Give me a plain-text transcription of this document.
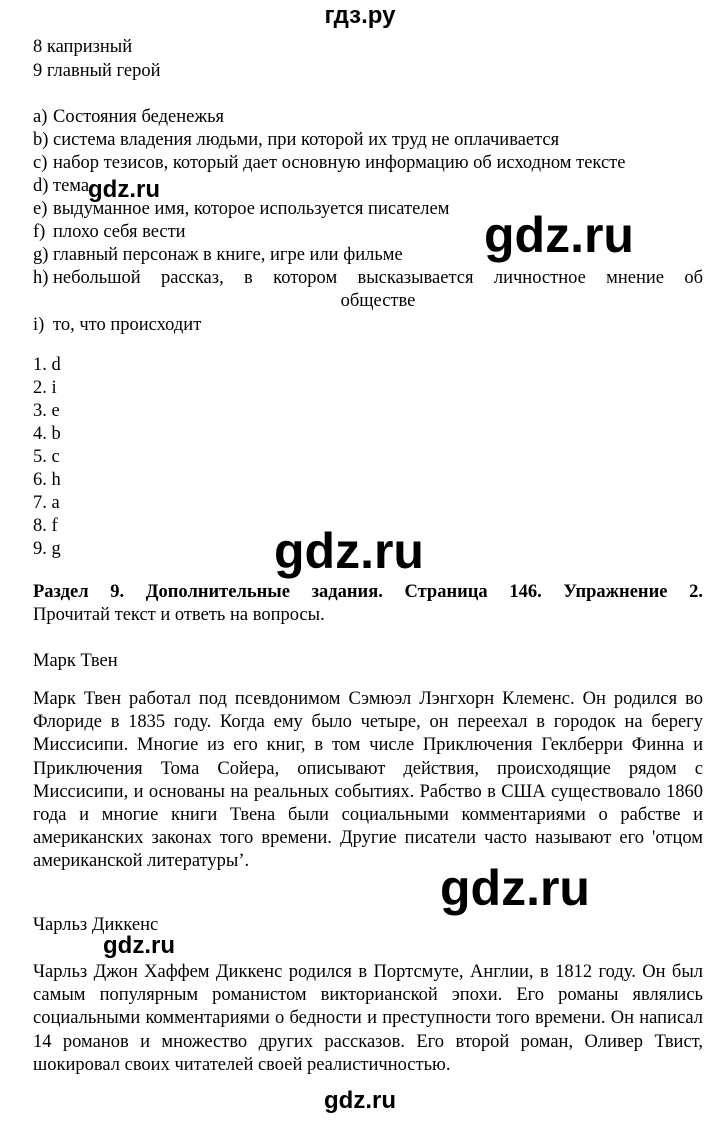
гдз.ру
8 капризный
9 главный герой
a) Состояния беденежья
b) система владения людьми, при которой их труд не оплачивается
c) набор тезисов, который дает основную информацию об исходном тексте
d) тема
e) выдуманное имя, которое используется писателем
f) плохо себя вести
g) главный персонаж в книге, игре или фильме
h) небольшой рассказ, в котором высказывается личностное мнение об
обществе
i) то, что происходит
1. d
2. i
3. e
4. b
5. c
6. h
7. a
8. f
9. g
Раздел 9. Дополнительные задания. Страница 146. Упражнение 2.
Прочитай текст и ответь на вопросы.
Марк Твен
Марк Твен работал под псевдонимом Сэмюэл Лэнгхорн Клеменс. Он родился во Флориде в 1835 году. Когда ему было четыре, он переехал в городок на берегу Миссисипи. Многие из его книг, в том числе Приключения Геклберри Финна и Приключения Тома Сойера, описывают действия, происходящие рядом с Миссисипи, и основаны на реальных событиях. Рабство в США существовало 1860 года и многие книги Твена были социальными комментариями о рабстве и американских законах того времени. Другие писатели часто называют его 'отцом американской литературы’.
Чарльз Диккенс
Чарльз Джон Хаффем Диккенс родился в Портсмуте, Англии, в 1812 году. Он был самым популярным романистом викторианской эпохи. Его романы являлись социальными комментариями о бедности и преступности того времени. Он написал 14 романов и множество других рассказов. Его второй роман, Оливер Твист, шокировал своих читателей своей реалистичностью.
gdz.ru
gdz.ru
gdz.ru
gdz.ru
gdz.ru
gdz.ru
